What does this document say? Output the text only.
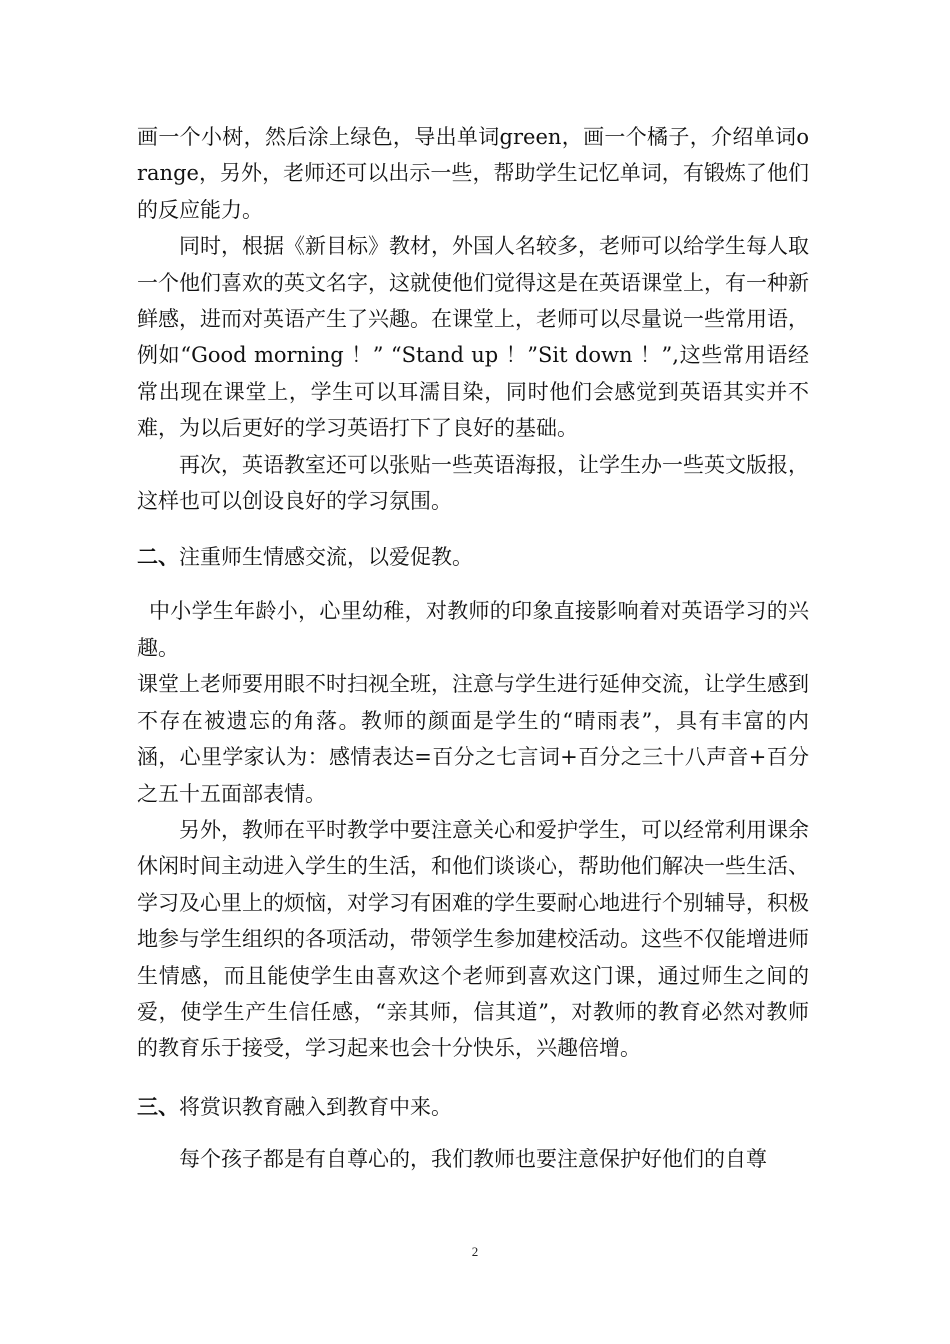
画一个小树，然后涂上绿色，导出单词green，画一个橘子，介绍单词orange，另外，老师还可以出示一些，帮助学生记忆单词，有锻炼了他们的反应能力。

同时，根据《新目标》教材，外国人名较多，老师可以给学生每人取一个他们喜欢的英文名字，这就使他们觉得这是在英语课堂上，有一种新鲜感，进而对英语产生了兴趣。在课堂上，老师可以尽量说一些常用语，例如“Good morning ！” “Stand up ！”Sit down ！”,这些常用语经常出现在课堂上，学生可以耳濡目染，同时他们会感觉到英语其实并不难，为以后更好的学习英语打下了良好的基础。

再次，英语教室还可以张贴一些英语海报，让学生办一些英文版报，这样也可以创设良好的学习氛围。

二、注重师生情感交流，以爱促教。

中小学生年龄小，心里幼稚，对教师的印象直接影响着对英语学习的兴趣。

课堂上老师要用眼不时扫视全班，注意与学生进行延伸交流，让学生感到不存在被遗忘的角落。教师的颜面是学生的“晴雨表”，具有丰富的内涵，心里学家认为：感情表达=百分之七言词+百分之三十八声音+百分之五十五面部表情。

另外，教师在平时教学中要注意关心和爱护学生，可以经常利用课余休闲时间主动进入学生的生活，和他们谈谈心，帮助他们解决一些生活、学习及心里上的烦恼，对学习有困难的学生要耐心地进行个别辅导，积极地参与学生组织的各项活动，带领学生参加建校活动。这些不仅能增进师生情感，而且能使学生由喜欢这个老师到喜欢这门课，通过师生之间的爱，使学生产生信任感，“亲其师，信其道”，对教师的教育必然对教师的教育乐于接受，学习起来也会十分快乐，兴趣倍增。

三、将赏识教育融入到教育中来。

每个孩子都是有自尊心的，我们教师也要注意保护好他们的自尊

2
